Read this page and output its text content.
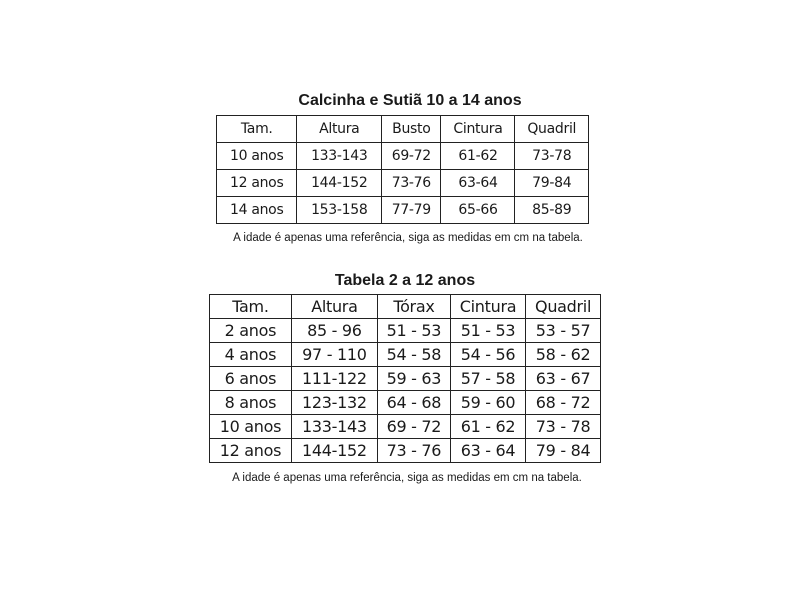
Calcinha e Sutiã 10 a 14 anos
Tam.	Altura	Busto	Cintura	Quadril
10 anos	133-143	69-72	61-62	73-78
12 anos	144-152	73-76	63-64	79-84
14 anos	153-158	77-79	65-66	85-89
A idade é apenas uma referência, siga as medidas em cm na tabela.
Tabela 2 a 12 anos
Tam.	Altura	Tórax	Cintura	Quadril
2 anos	85 - 96	51 - 53	51 - 53	53 - 57
4 anos	97 - 110	54 - 58	54 - 56	58 - 62
6 anos	111-122	59 - 63	57 - 58	63 - 67
8 anos	123-132	64 - 68	59 - 60	68 - 72
10 anos	133-143	69 - 72	61 - 62	73 - 78
12 anos	144-152	73 - 76	63 - 64	79 - 84
A idade é apenas uma referência, siga as medidas em cm na tabela.
